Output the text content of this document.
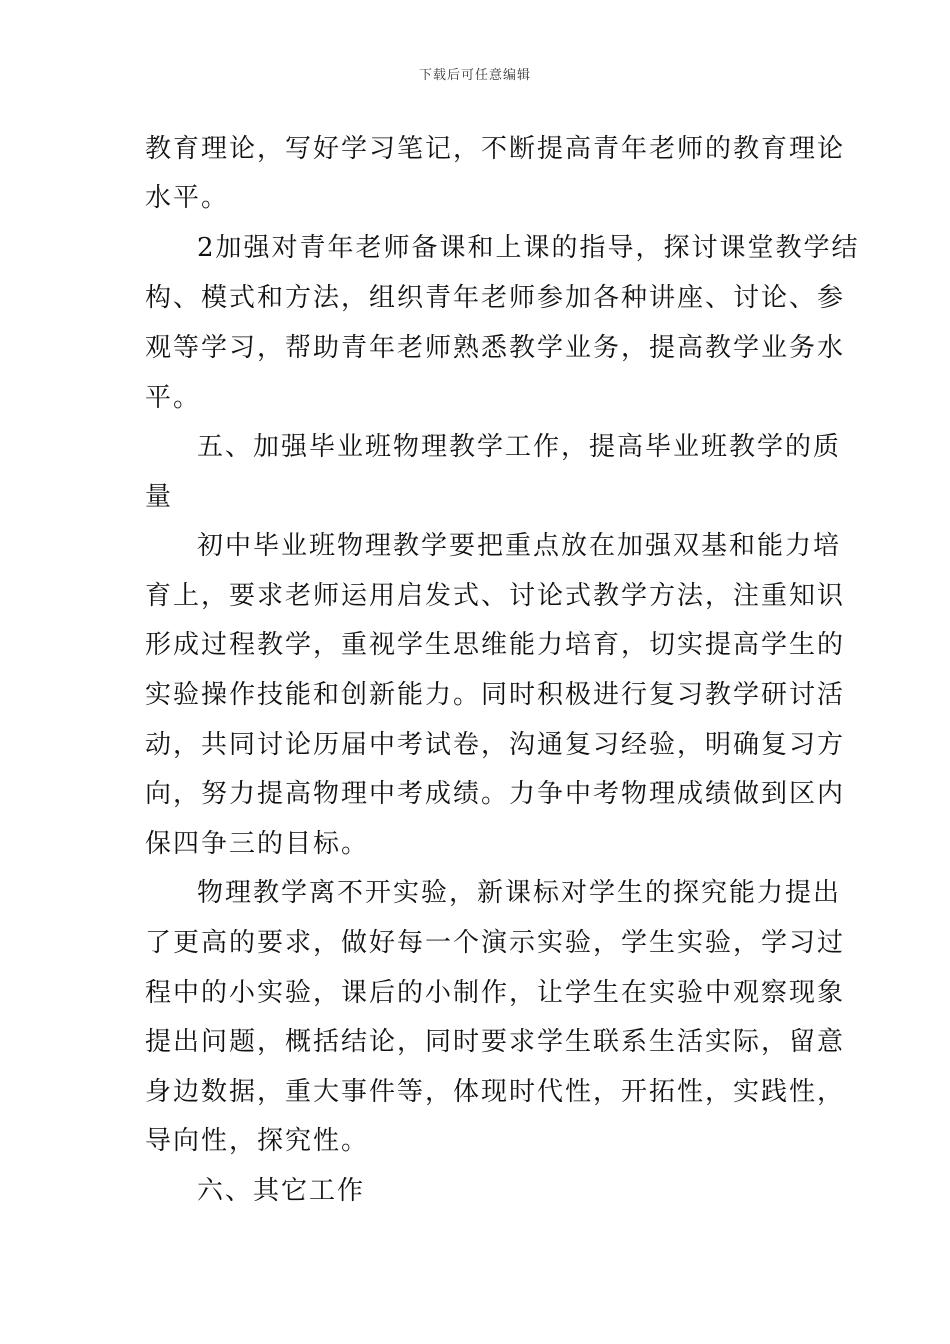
下载后可任意编辑
教育理论，写好学习笔记，不断提高青年老师的教育理论
水平。
2加强对青年老师备课和上课的指导，探讨课堂教学结
构、模式和方法，组织青年老师参加各种讲座、讨论、参
观等学习，帮助青年老师熟悉教学业务，提高教学业务水
平。
五、加强毕业班物理教学工作，提高毕业班教学的质
量
初中毕业班物理教学要把重点放在加强双基和能力培
育上，要求老师运用启发式、讨论式教学方法，注重知识
形成过程教学，重视学生思维能力培育，切实提高学生的
实验操作技能和创新能力。同时积极进行复习教学研讨活
动，共同讨论历届中考试卷，沟通复习经验，明确复习方
向，努力提高物理中考成绩。力争中考物理成绩做到区内
保四争三的目标。
物理教学离不开实验，新课标对学生的探究能力提出
了更高的要求，做好每一个演示实验，学生实验，学习过
程中的小实验，课后的小制作，让学生在实验中观察现象
提出问题，概括结论，同时要求学生联系生活实际，留意
身边数据，重大事件等，体现时代性，开拓性，实践性，
导向性，探究性。
六、其它工作
